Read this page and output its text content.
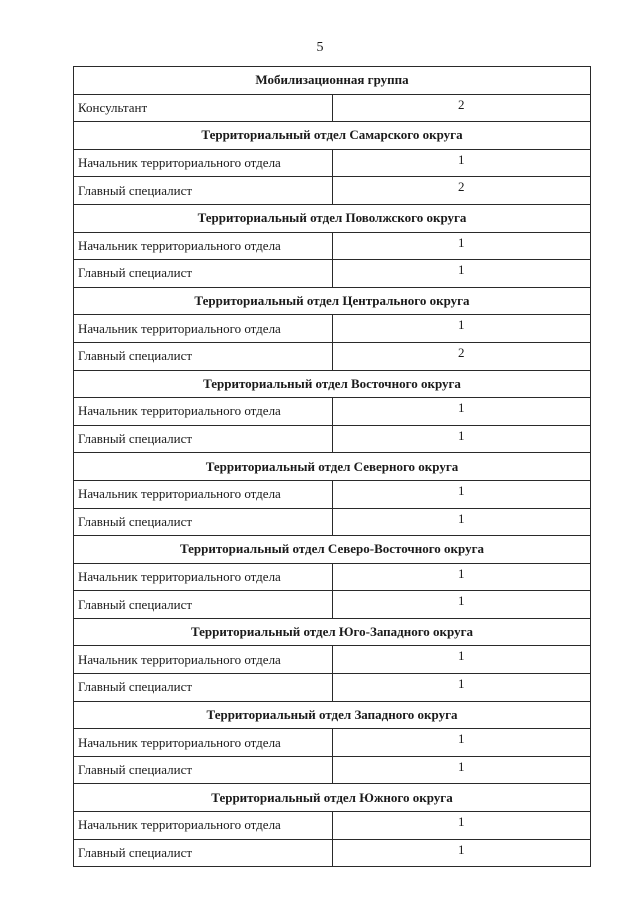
5
Мобилизационная группа	
Консультант	2
Территориальный отдел Самарского округа	
Начальник территориального отдела	1
Главный специалист	2
Территориальный отдел Поволжского округа	
Начальник территориального отдела	1
Главный специалист	1
Территориальный отдел Центрального округа	
Начальник территориального отдела	1
Главный специалист	2
Территориальный отдел Восточного округа	
Начальник территориального отдела	1
Главный специалист	1
Территориальный отдел Северного округа	
Начальник территориального отдела	1
Главный специалист	1
Территориальный отдел Северо-Восточного округа	
Начальник территориального отдела	1
Главный специалист	1
Территориальный отдел Юго-Западного округа	
Начальник территориального отдела	1
Главный специалист	1
Территориальный отдел Западного округа	
Начальник территориального отдела	1
Главный специалист	1
Территориальный отдел Южного округа	
Начальник территориального отдела	1
Главный специалист	1
